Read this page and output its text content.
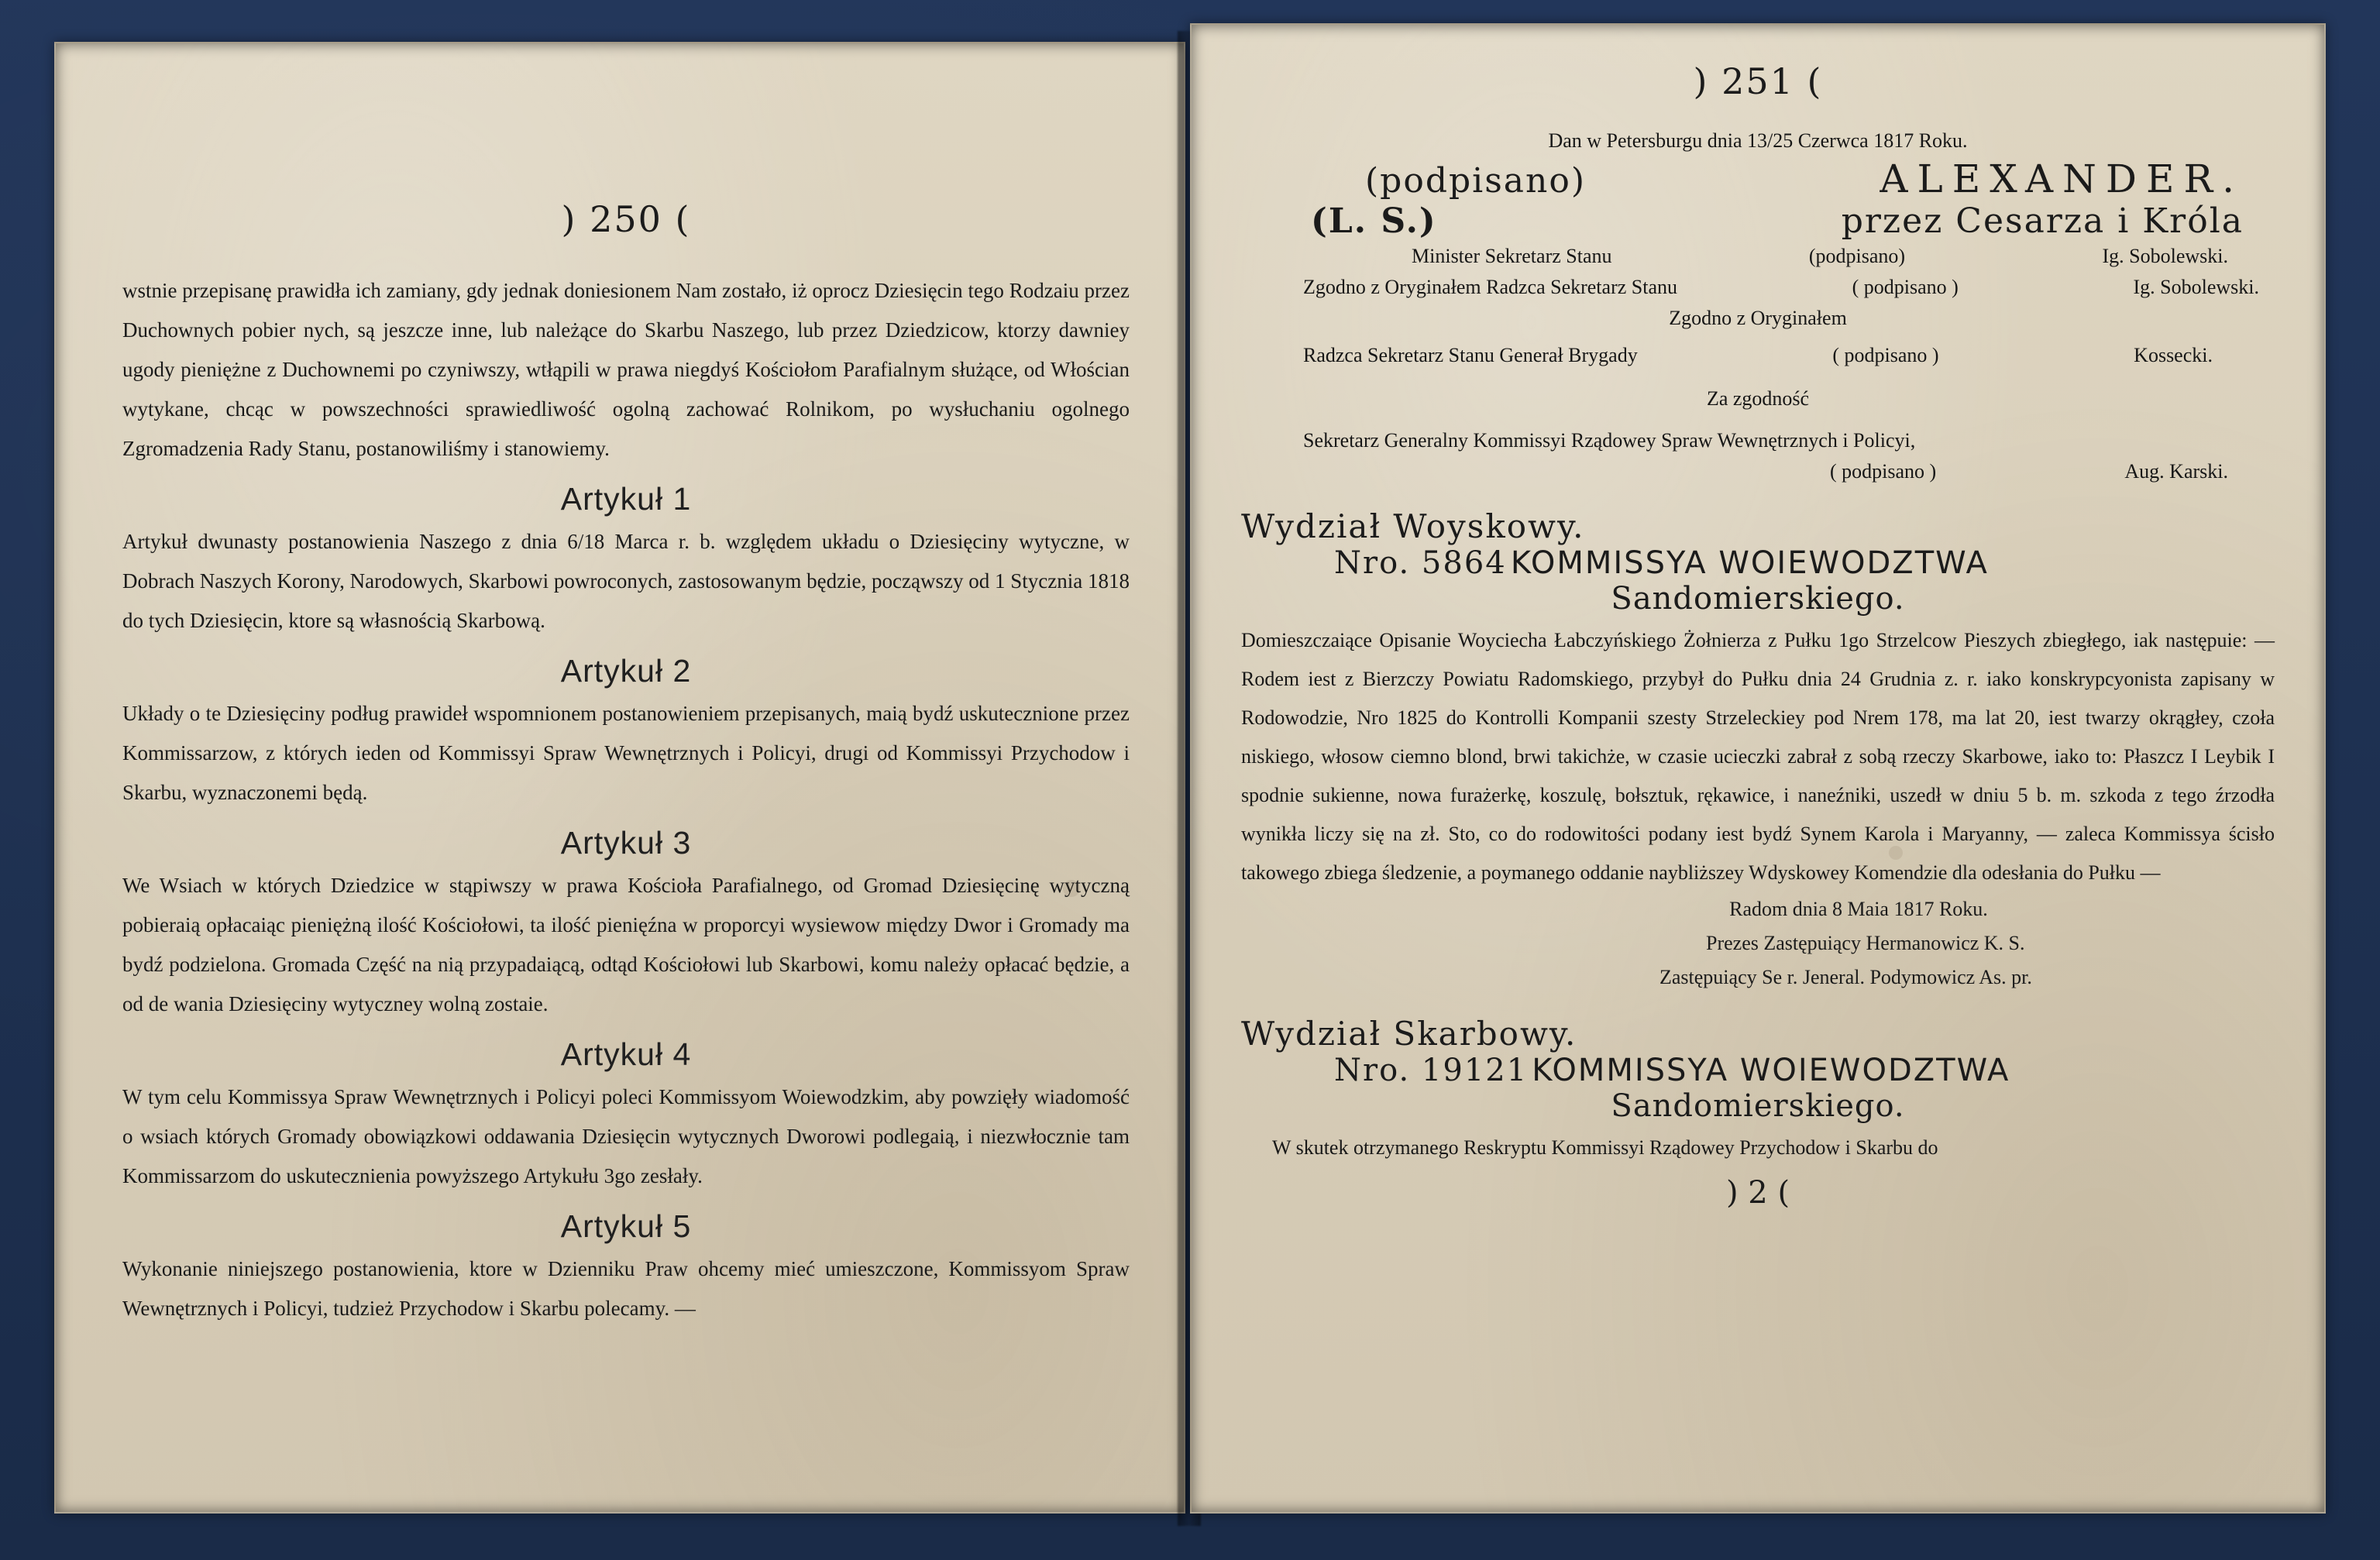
) 250 (

wstnie przepisanę prawidła ich zamiany, gdy jednak doniesionem Nam zostało, iż oprocz Dziesięcin tego Rodzaiu przez Duchownych pobier nych, są jeszcze inne, lub należące do Skarbu Naszego, lub przez Dziedzicow, ktorzy dawniey ugody pieniężne z Duchownemi po czyniwszy, wtłąpili w prawa niegdyś Kościołom Parafialnym służące, od Włościan wytykane, chcąc w powszechności sprawiedliwość ogolną zachować Rolnikom, po wysłuchaniu ogolnego Zgromadzenia Rady Stanu, postanowiliśmy i stanowiemy.

Artykuł 1

Artykuł dwunasty postanowienia Naszego z dnia 6/18 Marca r. b. względem układu o Dziesięciny wytyczne, w Dobrach Naszych Korony, Narodowych, Skarbowi powroconych, zastosowanym będzie, począwszy od 1 Stycznia 1818 do tych Dziesięcin, ktore są własnością Skarbową.

Artykuł 2

Układy o te Dziesięciny podług prawideł wspomnionem postanowieniem przepisanych, maią bydź uskutecznione przez Kommissarzow, z których ieden od Kommissyi Spraw Wewnętrznych i Policyi, drugi od Kommissyi Przychodow i Skarbu, wyznaczonemi będą.

Artykuł 3

We Wsiach w których Dziedzice w stąpiwszy w prawa Kościoła Parafialnego, od Gromad Dziesięcinę wytyczną pobieraią opłacaiąc pieniężną ilość Kościołowi, ta ilość pienięźna w proporcyi wysiewow między Dwor i Gromady ma bydź podzielona. Gromada Część na nią przypadaiącą, odtąd Kościołowi lub Skarbowi, komu należy opłacać będzie, a od de wania Dziesięciny wytyczney wolną zostaie.

Artykuł 4

W tym celu Kommissya Spraw Wewnętrznych i Policyi poleci Kommissyom Woiewodzkim, aby powzięły wiadomość o wsiach których Gromady obowiązkowi oddawania Dziesięcin wytycznych Dworowi podlegaią, i niezwłocznie tam Kommissarzom do uskutecznienia powyższego Artykułu 3go zesłały.

Artykuł 5

Wykonanie niniejszego postanowienia, ktore w Dzienniku Praw ohcemy mieć umieszczone, Kommissyom Spraw Wewnętrznych i Policyi, tudzież Przychodow i Skarbu polecamy. —

) 251 (
Dan w Petersburgu dnia 13/25 Czerwca 1817 Roku.
(podpisano)	ALEXANDER.
(L. S.)	przez Cesarza i Króla
Minister Sekretarz Stanu	(podpisano)	Ig. Sobolewski.
Zgodno z Oryginałem Radzca Sekretarz Stanu	( podpisano )	Ig. Sobolewski.
Zgodno z Oryginałem
Radzca Sekretarz Stanu Generał Brygady	( podpisano )	Kossecki.
Za zgodność
Sekretarz Generalny Kommissyi Rządowey Spraw Wewnętrznych i Policyi,
( podpisano )	Aug. Karski.
Wydział Woyskowy.
Nro. 5864 KOMMISSYA WOIEWODZTWA
Sandomierskiego.

Domieszczaiące Opisanie Woyciecha Łabczyńskiego Żołnierza z Pułku 1go Strzelcow Pieszych zbiegłego, iak następuie: — Rodem iest z Bierzczy Powiatu Radomskiego, przybył do Pułku dnia 24 Grudnia z. r. iako konskrypcyonista zapisany w Rodowodzie, Nro 1825 do Kontrolli Kompanii szesty Strzeleckiey pod Nrem 178, ma lat 20, iest twarzy okrągłey, czoła niskiego, włosow ciemno blond, brwi takichże, w czasie ucieczki zabrał z sobą rzeczy Skarbowe, iako to: Płaszcz I Leybik I spodnie sukienne, nowa furażerkę, koszulę, bołsztuk, rękawice, i naneźniki, uszedł w dniu 5 b. m. szkoda z tego źrzodła wynikła liczy się na zł. Sto, co do rodowitości podany iest bydź Synem Karola i Maryanny, — zaleca Kommissya ścisło takowego zbiega śledzenie, a poymanego oddanie naybliższey Wdyskowey Komendzie dla odesłania do Pułku —

Radom dnia 8 Maia 1817 Roku.
Prezes Zastępuiący Hermanowicz K. S.
Zastępuiący Se r. Jeneral. Podymowicz As. pr.
Wydział Skarbowy.
Nro. 19121 KOMMISSYA WOIEWODZTWA
Sandomierskiego.

W skutek otrzymanego Reskryptu Kommissyi Rządowey Przychodow i Skarbu do

) 2 (
